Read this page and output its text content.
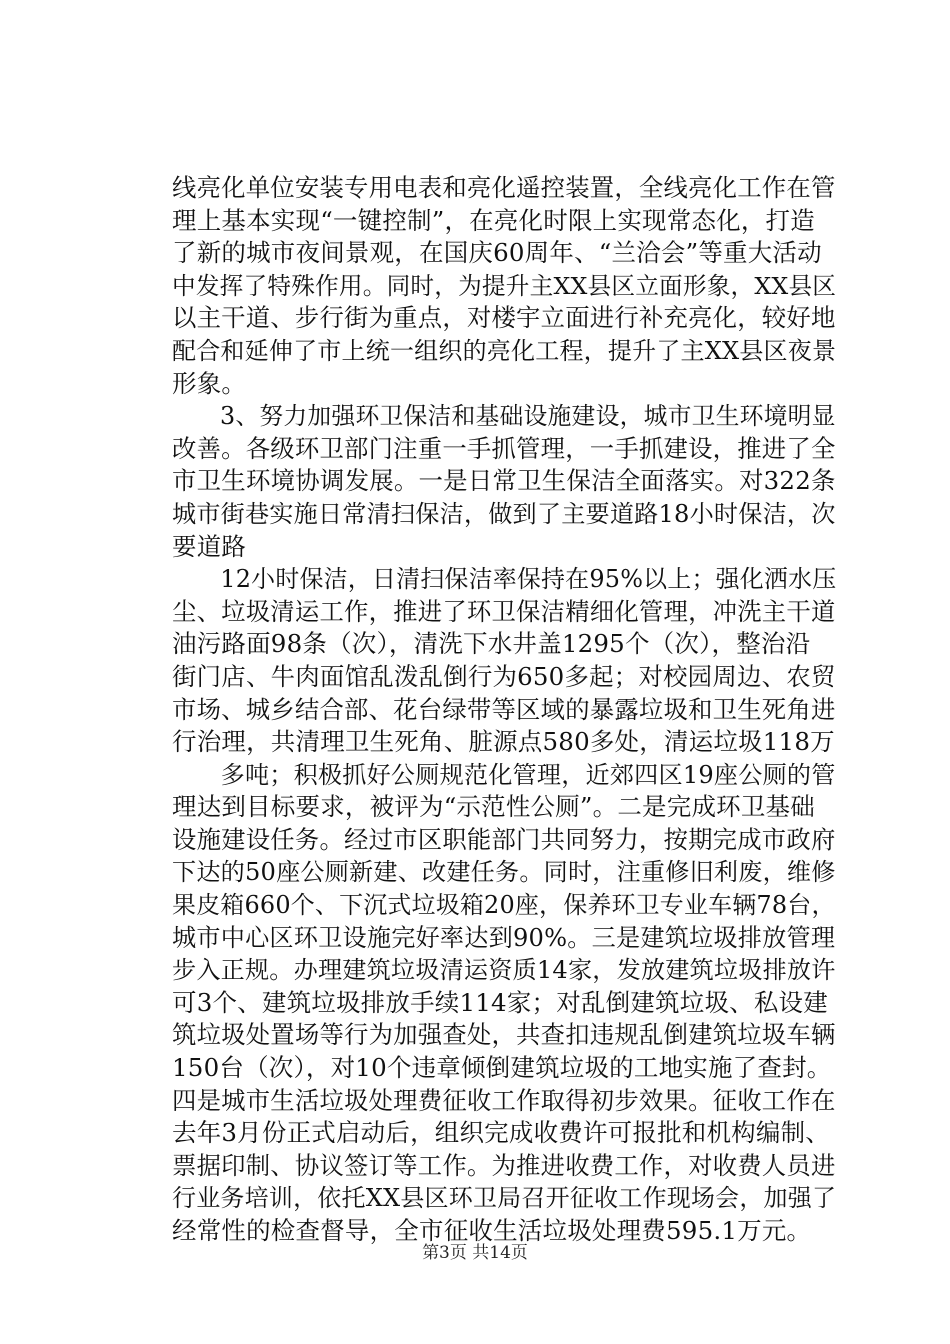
线亮化单位安装专用电表和亮化遥控装置，全线亮化工作在管
理上基本实现“一键控制”，在亮化时限上实现常态化，打造
了新的城市夜间景观，在国庆60周年、“兰洽会”等重大活动
中发挥了特殊作用。同时，为提升主XX县区立面形象，XX县区
以主干道、步行街为重点，对楼宇立面进行补充亮化，较好地
配合和延伸了市上统一组织的亮化工程，提升了主XX县区夜景
形象。
　　3、努力加强环卫保洁和基础设施建设，城市卫生环境明显
改善。各级环卫部门注重一手抓管理，一手抓建设，推进了全
市卫生环境协调发展。一是日常卫生保洁全面落实。对322条
城市街巷实施日常清扫保洁，做到了主要道路18小时保洁，次
要道路
　　12小时保洁，日清扫保洁率保持在95%以上；强化洒水压
尘、垃圾清运工作，推进了环卫保洁精细化管理，冲洗主干道
油污路面98条（次），清洗下水井盖1295个（次），整治沿
街门店、牛肉面馆乱泼乱倒行为650多起；对校园周边、农贸
市场、城乡结合部、花台绿带等区域的暴露垃圾和卫生死角进
行治理，共清理卫生死角、脏源点580多处，清运垃圾118万
　　多吨；积极抓好公厕规范化管理，近郊四区19座公厕的管
理达到目标要求，被评为“示范性公厕”。二是完成环卫基础
设施建设任务。经过市区职能部门共同努力，按期完成市政府
下达的50座公厕新建、改建任务。同时，注重修旧利废，维修
果皮箱660个、下沉式垃圾箱20座，保养环卫专业车辆78台，
城市中心区环卫设施完好率达到90%。三是建筑垃圾排放管理
步入正规。办理建筑垃圾清运资质14家，发放建筑垃圾排放许
可3个、建筑垃圾排放手续114家；对乱倒建筑垃圾、私设建
筑垃圾处置场等行为加强查处，共查扣违规乱倒建筑垃圾车辆
150台（次），对10个违章倾倒建筑垃圾的工地实施了查封。
四是城市生活垃圾处理费征收工作取得初步效果。征收工作在
去年3月份正式启动后，组织完成收费许可报批和机构编制、
票据印制、协议签订等工作。为推进收费工作，对收费人员进
行业务培训，依托XX县区环卫局召开征收工作现场会，加强了
经常性的检查督导，全市征收生活垃圾处理费595.1万元。
第3页 共14页
